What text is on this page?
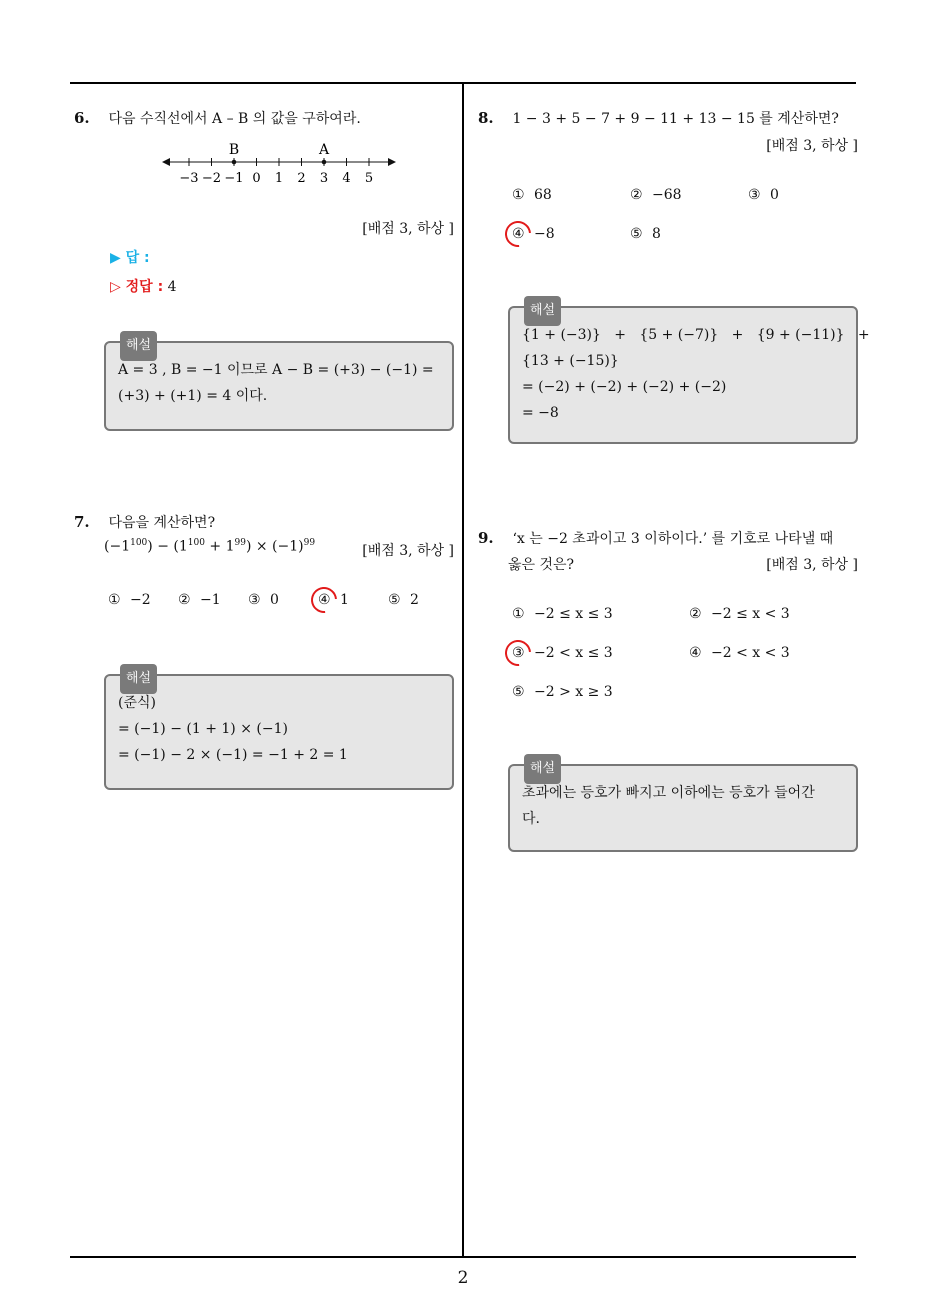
6. 다음 수직선에서 A – B 의 값을 구하여라.
−3 −2 −1 0 1 2 3 4 5
B	A
[배점 3, 하상 ]
▶ 답 :
▷ 정답 : 4
해설
A = 3 , B = −1 이므로 A − B = (+3) − (−1) =
(+3) + (+1) = 4 이다.
7. 다음을 계산하면?
$(-1^{100}) - (1^{100} + 1^{99}) \times (-1)^{99}$	[배점 3, 하상 ]
① −2 ② −1 ③ 0	④ 1	⑤ 2
해설
(준식)
= (−1) − (1 + 1) × (−1)
= (−1) − 2 × (−1) = −1 + 2 = 1
8. 1 − 3 + 5 − 7 + 9 − 11 + 13 − 15 를 계산하면?
[배점 3, 하상 ]
① 68	② −68	③ 0
④ −8	⑤ 8
해설
{1 + (−3)}   +   {5 + (−7)}   +   {9 + (−11)}   +
{13 + (−15)}
= (−2) + (−2) + (−2) + (−2)
= −8
9. ‘x 는 −2 초과이고 3 이하이다.’ 를 기호로 나타낼 때
옳은 것은?	[배점 3, 하상 ]
① −2 ≤ x ≤ 3	② −2 ≤ x < 3
③ −2 < x ≤ 3	④ −2 < x < 3
⑤ −2 > x ≥ 3
해설
초과에는 등호가 빠지고 이하에는 등호가 들어간
다.
2
